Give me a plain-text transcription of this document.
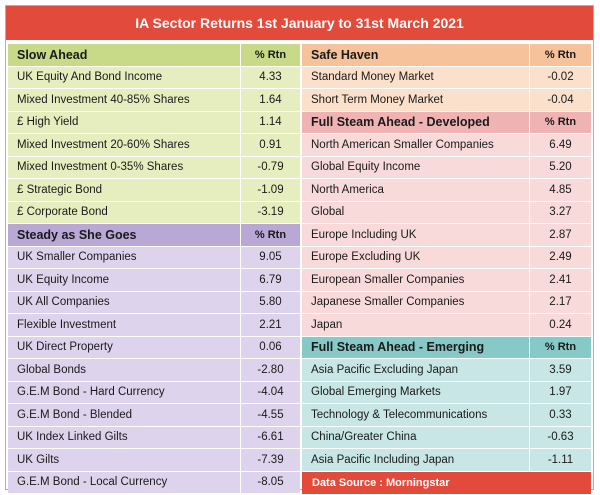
IA Sector Returns 1st January to 31st March 2021
Slow Ahead	% Rtn
UK Equity And Bond Income	4.33
Mixed Investment 40-85% Shares	1.64
£ High Yield	1.14
Mixed Investment 20-60% Shares	0.91
Mixed Investment 0-35% Shares	-0.79
£ Strategic Bond	-1.09
£ Corporate Bond	-3.19
Steady as She Goes	% Rtn
UK Smaller Companies	9.05
UK Equity Income	6.79
UK All Companies	5.80
Flexible Investment	2.21
UK Direct Property	0.06
Global Bonds	-2.80
G.E.M Bond - Hard Currency	-4.04
G.E.M Bond - Blended	-4.55
UK Index Linked Gilts	-6.61
UK Gilts	-7.39
G.E.M Bond - Local Currency	-8.05
Safe Haven	% Rtn
Standard Money Market	-0.02
Short Term Money Market	-0.04
Full Steam Ahead - Developed	% Rtn
North American Smaller Companies	6.49
Global Equity Income	5.20
North America	4.85
Global	3.27
Europe Including UK	2.87
Europe Excluding UK	2.49
European Smaller Companies	2.41
Japanese Smaller Companies	2.17
Japan	0.24
Full Steam Ahead - Emerging	% Rtn
Asia Pacific Excluding Japan	3.59
Global Emerging Markets	1.97
Technology & Telecommunications	0.33
China/Greater China	-0.63
Asia Pacific Including Japan	-1.11
Data Source : Morningstar
